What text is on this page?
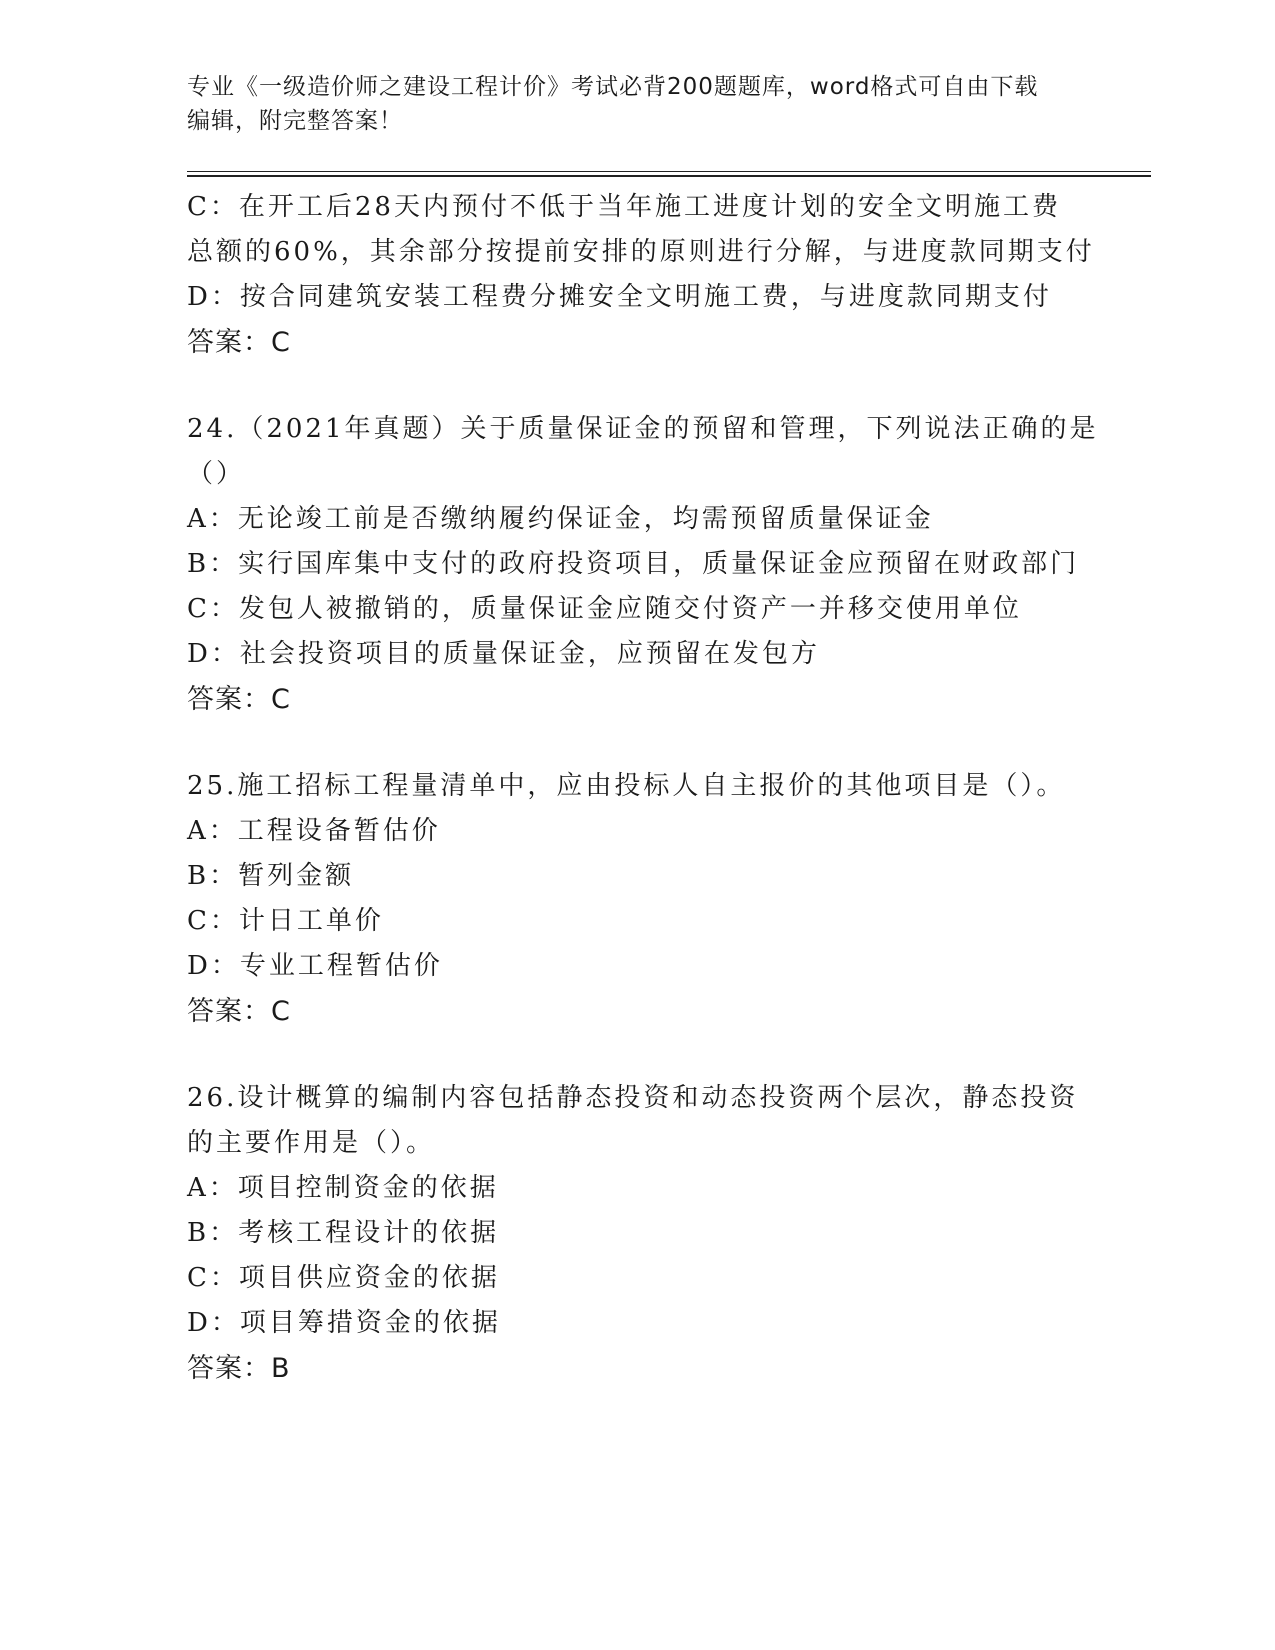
专业《一级造价师之建设工程计价》考试必背200题题库，word格式可自由下载
编辑，附完整答案！
C：在开工后28天内预付不低于当年施工进度计划的安全文明施工费
总额的60%，其余部分按提前安排的原则进行分解，与进度款同期支付
D：按合同建筑安装工程费分摊安全文明施工费，与进度款同期支付
答案：C
24.（2021年真题）关于质量保证金的预留和管理，下列说法正确的是
（）
A：无论竣工前是否缴纳履约保证金，均需预留质量保证金
B：实行国库集中支付的政府投资项目，质量保证金应预留在财政部门
C：发包人被撤销的，质量保证金应随交付资产一并移交使用单位
D：社会投资项目的质量保证金，应预留在发包方
答案：C
25.施工招标工程量清单中，应由投标人自主报价的其他项目是（）。
A：工程设备暂估价
B：暂列金额
C：计日工单价
D：专业工程暂估价
答案：C
26.设计概算的编制内容包括静态投资和动态投资两个层次，静态投资
的主要作用是（）。
A：项目控制资金的依据
B：考核工程设计的依据
C：项目供应资金的依据
D：项目筹措资金的依据
答案：B
